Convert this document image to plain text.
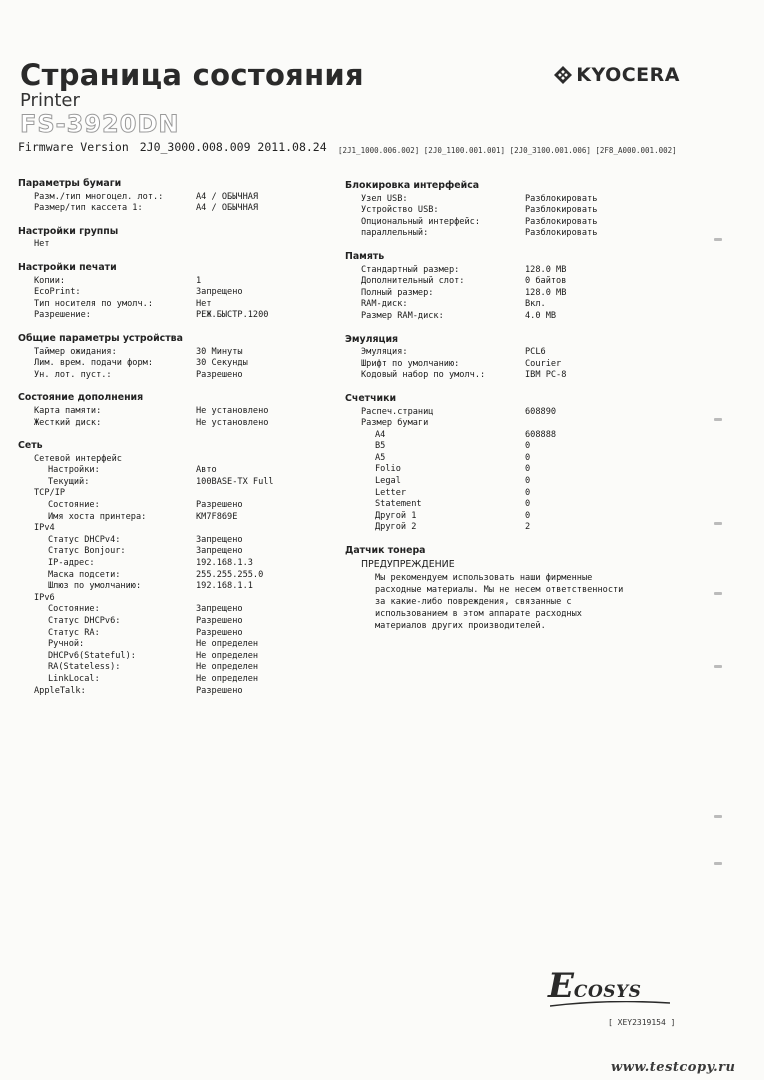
Страница состояния
Printer
FS-3920DN
Firmware Version 2J0_3000.008.009 2011.08.24 [2J1_1000.006.002] [2J0_1100.001.001] [2J0_3100.001.006] [2F8_A000.001.002]
KYOCERA
Параметры бумаги
Разм./тип многоцел. лот.:	A4 / ОБЫЧНАЯ
Размер/тип кассета 1:	A4 / ОБЫЧНАЯ
Настройки группы
Нет
Настройки печати
Копии:	1
EcoPrint:	Запрещено
Тип носителя по умолч.:	Нет
Разрешение:	РЕЖ.БЫСТР.1200
Общие параметры устройства
Таймер ожидания:	30 Минуты
Лим. врем. подачи форм:	30 Секунды
Ун. лот. пуст.:	Разрешено
Состояние дополнения
Карта памяти:	Не установлено
Жесткий диск:	Не установлено
Сеть
Сетевой интерфейс
Настройки:	Авто
Текущий:	100BASE-TX Full
TCP/IP
Состояние:	Разрешено
Имя хоста принтера:	KM7F869E
IPv4
Статус DHCPv4:	Запрещено
Статус Bonjour:	Запрещено
IP-адрес:	192.168.1.3
Маска подсети:	255.255.255.0
Шлюз по умолчанию:	192.168.1.1
IPv6
Состояние:	Запрещено
Статус DHCPv6:	Разрешено
Статус RA:	Разрешено
Ручной:	Не определен
DHCPv6(Stateful):	Не определен
RA(Stateless):	Не определен
LinkLocal:	Не определен
AppleTalk:	Разрешено
Блокировка интерфейса
Узел USB:	Разблокировать
Устройство USB:	Разблокировать
Опциональный интерфейс:	Разблокировать
параллельный:	Разблокировать
Память
Стандартный размер:	128.0 MB
Дополнительный слот:	0 байтов
Полный размер:	128.0 MB
RAM-диск:	Вкл.
Размер RAM-диск:	4.0 MB
Эмуляция
Эмуляция:	PCL6
Шрифт по умолчанию:	Courier
Кодовый набор по умолч.:	IBM PC-8
Счетчики
Распеч.страниц	608890
Размер бумаги
A4	608888
B5	0
A5	0
Folio	0
Legal	0
Letter	0
Statement	0
Другой 1	0
Другой 2	2
Датчик тонера
ПРЕДУПРЕЖДЕНИЕ
Мы рекомендуем использовать наши фирменные
расходные материалы. Мы не несем ответственности
за какие-либо повреждения, связанные с
использованием в этом аппарате расходных
материалов других производителей.
ECOSYS
[ XEY2319154 ]
www.testcopy.ru
